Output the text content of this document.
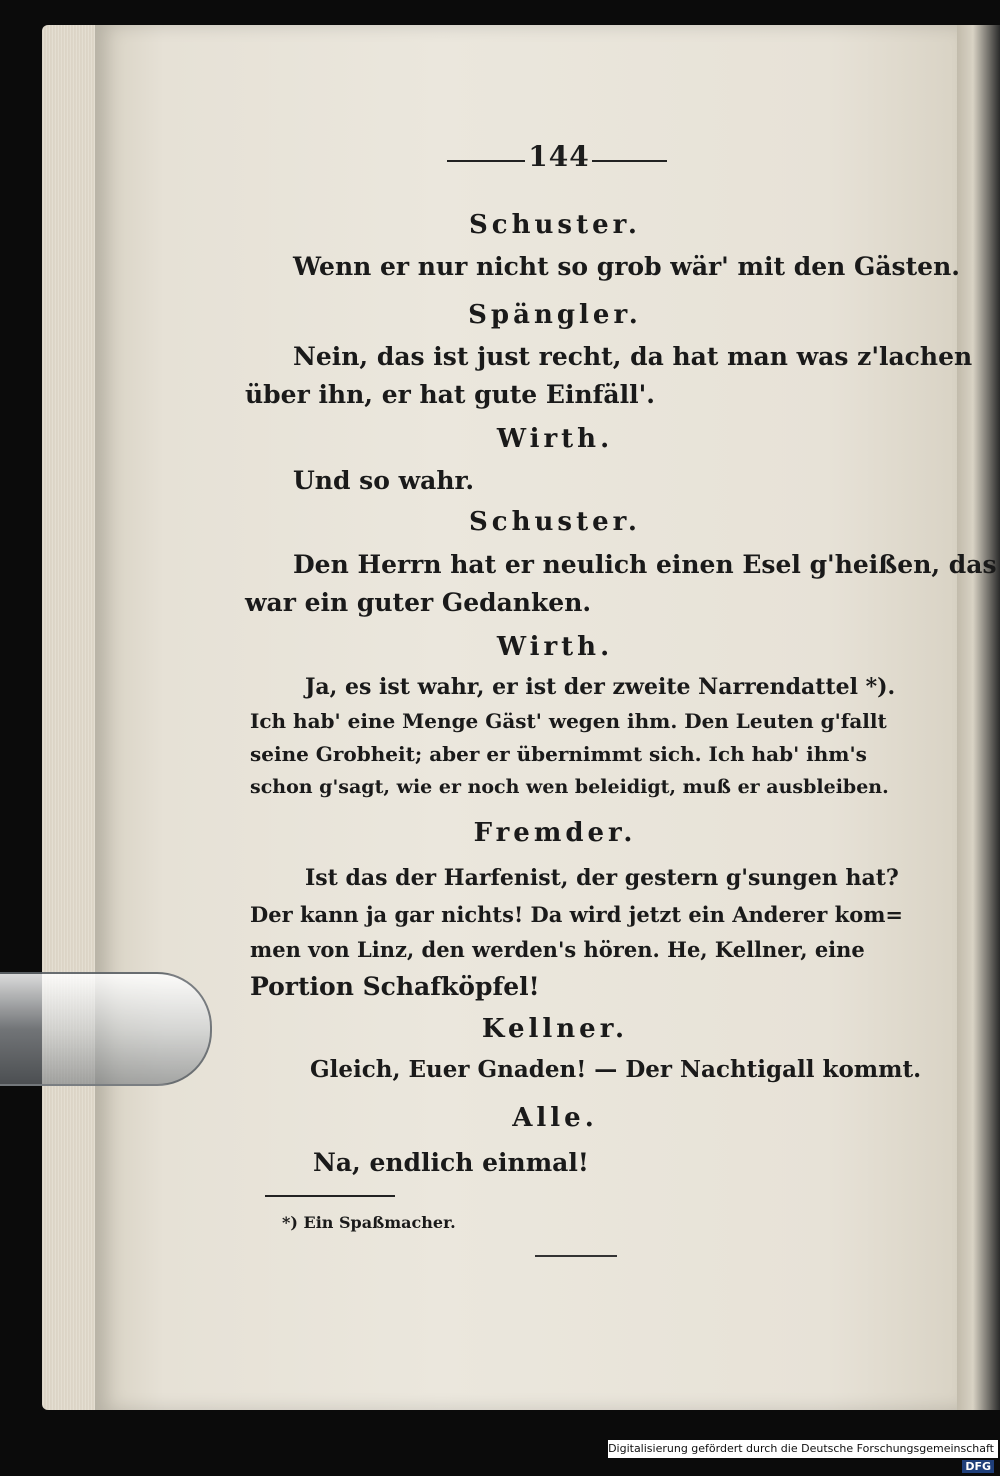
144
Schuster.
Wenn er nur nicht so grob wär' mit den Gästen.
Spängler.
Nein, das ist just recht, da hat man was z'lachen
über ihn, er hat gute Einfäll'.
Wirth.
Und so wahr.
Schuster.
Den Herrn hat er neulich einen Esel g'heißen, das
war ein guter Gedanken.
Wirth.
Ja, es ist wahr, er ist der zweite Narrendattel *).
Ich hab' eine Menge Gäst' wegen ihm. Den Leuten g'fallt
seine Grobheit; aber er übernimmt sich. Ich hab' ihm's
schon g'sagt, wie er noch wen beleidigt, muß er ausbleiben.
Fremder.
Ist das der Harfenist, der gestern g'sungen hat?
Der kann ja gar nichts! Da wird jetzt ein Anderer kom=
men von Linz, den werden's hören. He, Kellner, eine
Portion Schafköpfel!
Kellner.
Gleich, Euer Gnaden! — Der Nachtigall kommt.
Alle.
Na, endlich einmal!
*) Ein Spaßmacher.
Digitalisierung gefördert durch die Deutsche Forschungsgemeinschaft DFG
